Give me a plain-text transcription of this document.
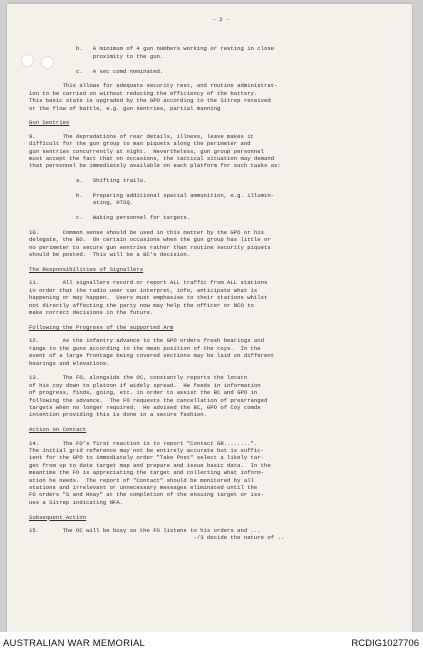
- 2 -
b.   A minimum of 4 gun numbers working or resting in close
proximity to the gun.
c.   A sec comd nominated.
This allows for adequate security rest, and routine administrat-
ion to be carried on without reducing the efficiency of the battery.
This basic state is upgraded by the GPO according to the Sitrep received
or the flow of battle, e.g. gun sentries, partial manning
Gun Sentries
9.        The depradations of rear details, illness, leave makes it
difficult for the gun group to man piquets along the perimeter and
gun sentries concurrently at night.  Nevertheless, gun group personnel
must accept the fact that on occasions, the tactical situation may demand
that personnel be immediately available on each platform for such tasks as:
a.   Shifting trails.
b.   Preparing additional special ammunition, e.g. illumin-
ating, HTSQ.
c.   Waking personnel for targets.
10.       Common sense should be used in this matter by the GPO or his
delegate, the BO.  On certain occasions when the gun group has little or
no perimeter to secure gun sentries rather than routine security piquets
should be posted.  This will be a BC's decision.
The Responsibilities of Signallers
11.       All signallers record or report ALL traffic from ALL stations
in order that the radio user can interpret, info, anticipate what is
happening or may happen.  Users must emphasise to their stations whilst
not directly affecting the party now may help the officer or NCO to
make correct decisions in the future.
Following the Progress of the supported Arm
12.       As the infantry advance to the GPO orders fresh bearings and
range to the guns according to the mean position of the coys.  In the
event of a large frontage being covered sections may be laid on different
bearings and elevations.
13.       The FO, alongside the OC, constantly reports the locatn
of his coy down to platoon if widely spread.  He feeds in information
of progress, finds, going, etc. in order to assist the BC and GPO in
following the advance.  The FO requests the cancellation of prearranged
targets when no longer required.  He advised the BC, GPO of Coy comds
intention providing this is done in a secure fashion.
Action on Contact
14.       The FO's first reaction is to report "Contact GR........".
The initial grid reference may not be entirely accurate but is suffic-
ient for the GPO to immediately order "Take Post" select a likely tar-
get from up to date target map and prepare and issue basic data.  In the
meantime the FO is appreciating the target and collecting what inform-
ation he needs.  The report of "Contact" should be monitored by all
stations and irrelevant or unnecessary messages eliminated until the
FO orders "S and Hoay" at the completion of the ensuing target or iss-
ues a Sitrep indicating NFA.
Subsequent Action
15.       The OC will be busy so the FO listens to his orders and ...
-/3 decide the nature of ..
AUSTRALIAN WAR MEMORIAL	RCDIG1027706
